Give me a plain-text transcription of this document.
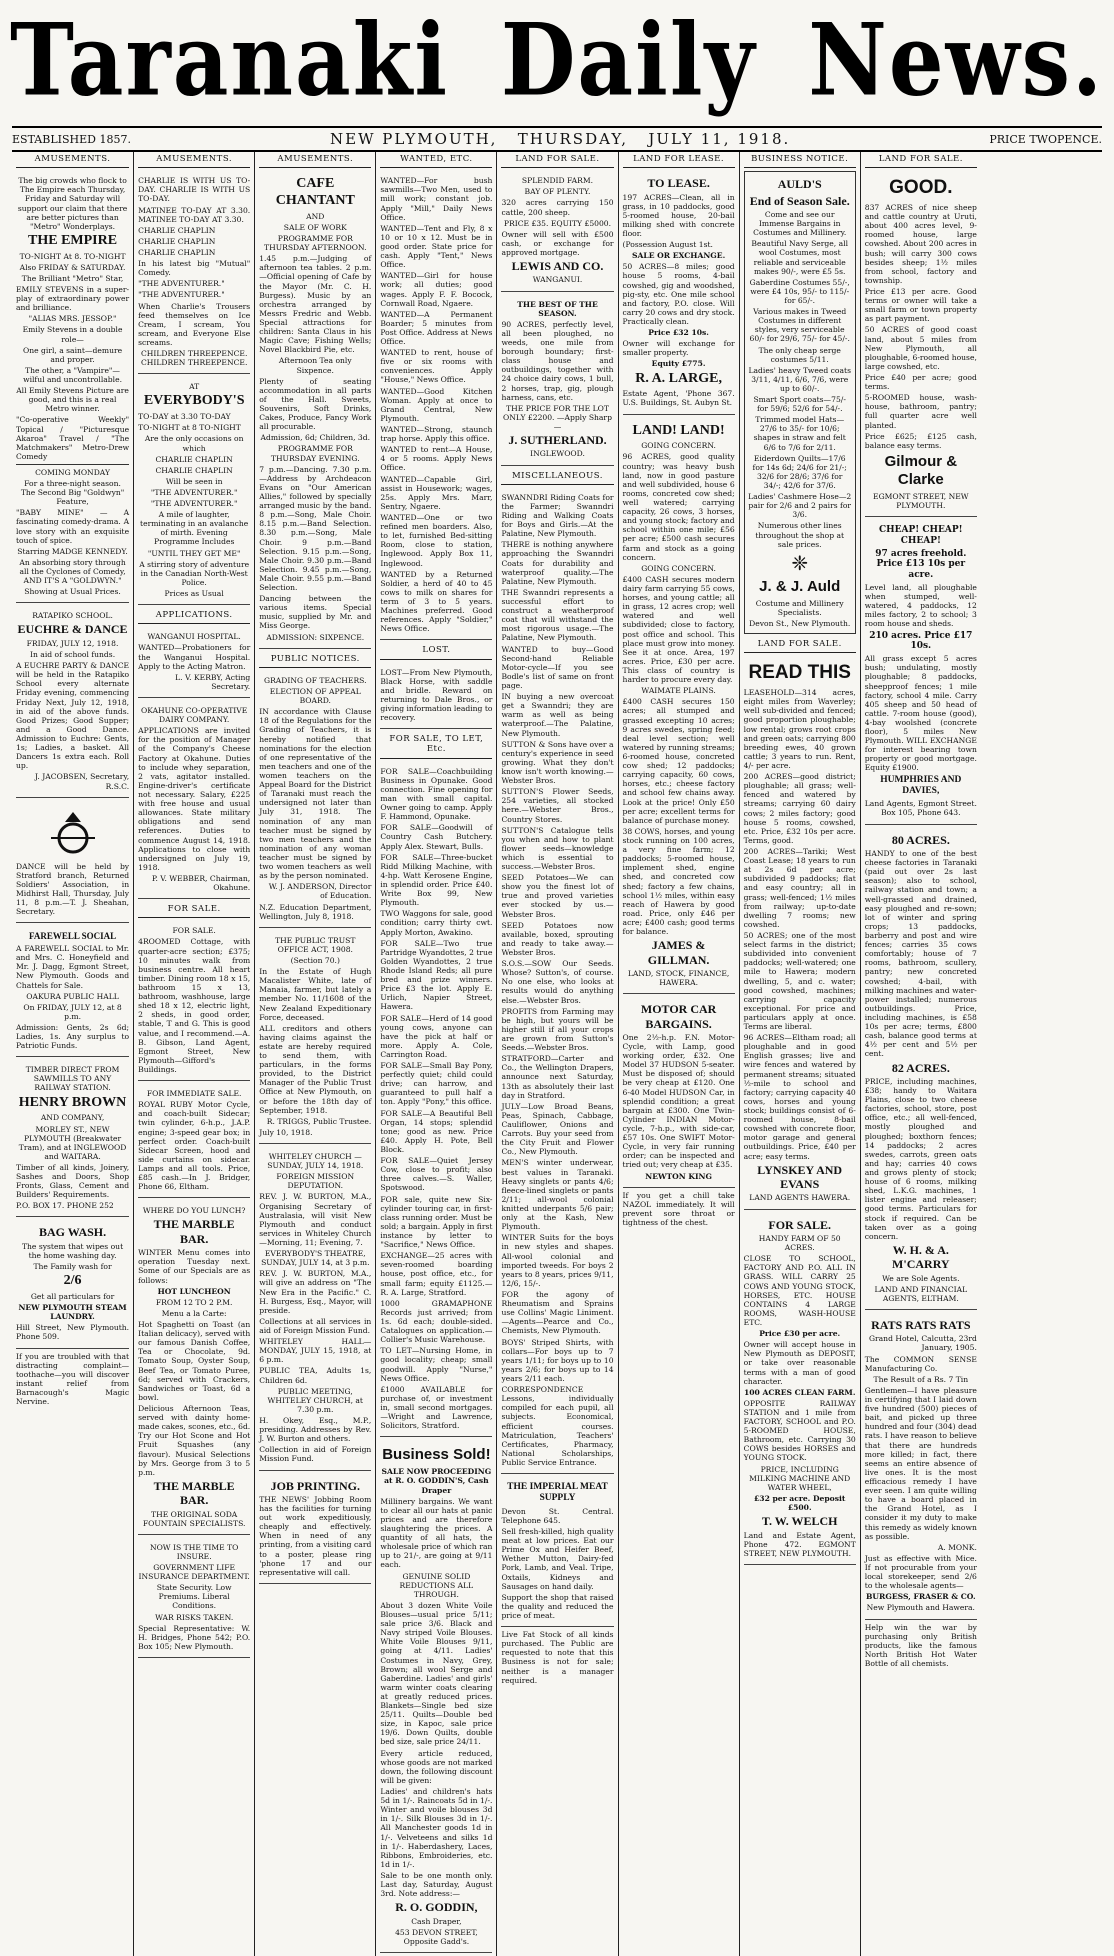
Taranaki Daily News.
ESTABLISHED 1857.	NEW PLYMOUTH, THURSDAY, JULY 11, 1918.	PRICE TWOPENCE.
AMUSEMENTS.

The big crowds who flock to The Empire each Thursday, Friday and Saturday will support our claim that there are better pictures than "Metro" Wonderplays.

THE EMPIRE

TO-NIGHT At 8. TO-NIGHT

Also FRIDAY & SATURDAY.

The Brilliant "Metro" Star,

EMILY STEVENS in a super-play of extraordinary power and brilliance.

"ALIAS MRS. JESSOP."

Emily Stevens in a double role—

One girl, a saint—demure and proper.

The other, a "Vampire"—wilful and uncontrollable.

All Emily Stevens Picture are good, and this is a real Metro winner.

"Co-operative Weekly" Topical / "Picturesque Akaroa" Travel / "The Matchmakers" Metro-Drew Comedy

COMING MONDAY

For a three-night season. The Second Big "Goldwyn" Feature,

"BABY MINE" — A fascinating comedy-drama. A love story with an exquisite touch of spice.

Starring MADGE KENNEDY.

An absorbing story through all the Cyclones of Comedy, AND IT'S A "GOLDWYN."

Showing at Usual Prices.

RATAPIKO SCHOOL.

EUCHRE & DANCE

FRIDAY, JULY 12, 1918.

In aid of school funds.

A EUCHRE PARTY & DANCE will be held in the Ratapiko School every alternate Friday evening, commencing Friday Next, July 12, 1918, in aid of the above funds. Good Prizes; Good Supper; and a Good Dance. Admission to Euchre: Gents, 1s; Ladies, a basket. All Dancers 1s extra each. Roll up.

J. JACOBSEN, Secretary, R.S.C.

DANCE will be held by Stratford branch, Returned Soldiers' Association, in Midhirst Hall, Thursday, July 11, 8 p.m.—T. J. Sheahan, Secretary.

FAREWELL SOCIAL

A FAREWELL SOCIAL to Mr. and Mrs. C. Honeyfield and Mr. J. Dagg, Egmont Street, New Plymouth. Goods and Chattels for Sale.

OAKURA PUBLIC HALL

On FRIDAY, JULY 12, at 8 p.m.

Admission: Gents, 2s 6d; Ladies, 1s. Any surplus to Patriotic Funds.

TIMBER DIRECT FROM SAWMILLS TO ANY RAILWAY STATION.

HENRY BROWN

AND COMPANY,

MORLEY ST., NEW PLYMOUTH (Breakwater Tram), and at INGLEWOOD and WAITARA.

Timber of all kinds, Joinery, Sashes and Doors, Shop Fronts, Glass, Cement and Builders' Requirements.

P.O. BOX 17. PHONE 252

BAG WASH.

The system that wipes out the home washing day.

The Family wash for

2/6

Get all particulars for

NEW PLYMOUTH STEAM LAUNDRY.

Hill Street, New Plymouth. Phone 509.

If you are troubled with that distracting complaint—toothache—you will discover instant relief from Barnacough's Magic Nervine.

AMUSEMENTS.

CHARLIE IS WITH US TO-DAY. CHARLIE IS WITH US TO-DAY.

MATINEE TO-DAY AT 3.30. MATINEE TO-DAY AT 3.30.

CHARLIE CHAPLIN

CHARLIE CHAPLIN

CHARLIE CHAPLIN

In his latest big "Mutual" Comedy.

"THE ADVENTURER."

"THE ADVENTURER."

When Charlie's Trousers feed themselves on Ice Cream, I scream, You scream, and Everyone Else screams.

CHILDREN THREEPENCE. CHILDREN THREEPENCE.

AT

EVERYBODY'S

TO-DAY at 3.30 TO-DAY

TO-NIGHT at 8 TO-NIGHT

Are the only occasions on which

CHARLIE CHAPLIN

CHARLIE CHAPLIN

Will be seen in

"THE ADVENTURER."

"THE ADVENTURER."

A mile of laughter, terminating in an avalanche of mirth. Evening Programme Includes

"UNTIL THEY GET ME"

A stirring story of adventure in the Canadian North-West Police.

Prices as Usual

APPLICATIONS.

WANGANUI HOSPITAL.

WANTED—Probationers for the Wanganui Hospital. Apply to the Acting Matron.

L. V. KERBY, Acting Secretary.

OKAHUNE CO-OPERATIVE DAIRY COMPANY.

APPLICATIONS are invited for the position of Manager of the Company's Cheese Factory at Okahune. Duties to include whey separation, 2 vats, agitator installed. Engine-driver's certificate not necessary. Salary, £225 with free house and usual allowances. State military obligations and send references. Duties to commence August 14, 1918. Applications to close with undersigned on July 19, 1918.

P. V. WEBBER, Chairman, Okahune.

FOR SALE.

FOR SALE.

4ROOMED Cottage, with quarter-acre section; £375; 10 minutes walk from business centre. All heart timber. Dining room 18 x 15, bathroom 15 x 13, bathroom, washhouse, large shed 18 x 12, electric light, 2 sheds, in good order, stable, T and G. This is good value, and I recommend.—A. B. Gibson, Land Agent, Egmont Street, New Plymouth—Gifford's Buildings.

FOR IMMEDIATE SALE.

ROYAL RUBY Motor Cycle, and coach-built Sidecar; twin cylinder, 6-h.p., J.A.P. engine; 3-speed gear box; in perfect order. Coach-built Sidecar Screen, hood and side curtains on sidecar. Lamps and all tools. Price, £85 cash.—In J. Bridger, Phone 66, Eltham.

WHERE DO YOU LUNCH?

THE MARBLE BAR.

WINTER Menu comes into operation Tuesday next. Some of our Specials are as follows:

HOT LUNCHEON

FROM 12 TO 2 P.M.

Menu a la Carte:

Hot Spaghetti on Toast (an Italian delicacy), served with our famous Danish Coffee, Tea or Chocolate, 9d. Tomato Soup, Oyster Soup, Beef Tea, or Tomato Puree, 6d; served with Crackers, Sandwiches or Toast, 6d a bowl.

Delicious Afternoon Teas, served with dainty home-made cakes, scones, etc., 6d. Try our Hot Scone and Hot Fruit Squashes (any flavour). Musical Selections by Mrs. George from 3 to 5 p.m.

THE MARBLE BAR.

THE ORIGINAL SODA FOUNTAIN SPECIALISTS.

NOW IS THE TIME TO INSURE.

GOVERNMENT LIFE INSURANCE DEPARTMENT.

State Security. Low Premiums. Liberal Conditions.

WAR RISKS TAKEN.

Special Representative: W. H. Bridges, Phone 542; P.O. Box 105; New Plymouth.

AMUSEMENTS.
CAFE CHANTANT

AND

SALE OF WORK

PROGRAMME FOR THURSDAY AFTERNOON.

1.45 p.m.—Judging of afternoon tea tables. 2 p.m.—Official opening of Cafe by the Mayor (Mr. C. H. Burgess). Music by an orchestra arranged by Messrs Fredric and Webb. Special attractions for children: Santa Claus in his Magic Cave; Fishing Wells; Novel Blackbird Pie, etc.

Afternoon Tea only Sixpence.

Plenty of seating accommodation in all parts of the Hall. Sweets, Souvenirs, Soft Drinks, Cakes, Produce, Fancy Work all procurable.

Admission, 6d; Children, 3d.

PROGRAMME FOR THURSDAY EVENING.

7 p.m.—Dancing. 7.30 p.m.—Address by Archdeacon Evans on "Our American Allies," followed by specially arranged music by the band. 8 p.m.—Song, Male Choir. 8.15 p.m.—Band Selection. 8.30 p.m.—Song, Male Choir. 9 p.m.—Band Selection. 9.15 p.m.—Song, Male Choir. 9.30 p.m.—Band Selection. 9.45 p.m.—Song, Male Choir. 9.55 p.m.—Band Selection.

Dancing between the various items. Special music, supplied by Mr. and Miss George.

ADMISSION: SIXPENCE.

PUBLIC NOTICES.

GRADING OF TEACHERS.

ELECTION OF APPEAL BOARD.

IN accordance with Clause 18 of the Regulations for the Grading of Teachers, it is hereby notified that nominations for the election of one representative of the men teachers and one of the women teachers on the Appeal Board for the District of Taranaki must reach the undersigned not later than July 31, 1918. The nomination of any man teacher must be signed by two men teachers and the nomination of any woman teacher must be signed by two women teachers as well as by the person nominated.

W. J. ANDERSON, Director of Education.

N.Z. Education Department, Wellington, July 8, 1918.

THE PUBLIC TRUST OFFICE ACT, 1908.

(Section 70.)

In the Estate of Hugh Macalister White, late of Manaia, farmer, but lately a member No. 11/1608 of the New Zealand Expeditionary Force, deceased.

ALL creditors and others having claims against the estate are hereby required to send them, with particulars, in the forms provided, to the District Manager of the Public Trust Office at New Plymouth, on or before the 18th day of September, 1918.

R. TRIGGS, Public Trustee.

July 10, 1918.

WHITELEY CHURCH — SUNDAY, JULY 14, 1918.

FOREIGN MISSION DEPUTATION.

REV. J. W. BURTON, M.A., Organising Secretary of Australasia, will visit New Plymouth and conduct services in Whiteley Church—Morning, 11; Evening, 7.

EVERYBODY'S THEATRE, SUNDAY, JULY 14, at 3 p.m.

REV. J. W. BURTON, M.A., will give an address on "The New Era in the Pacific." C. H. Burgess, Esq., Mayor, will preside.

Collections at all services in aid of Foreign Mission Fund.

WHITELEY HALL—MONDAY, JULY 15, 1918, at 6 p.m.

PUBLIC TEA, Adults 1s, Children 6d.

PUBLIC MEETING, WHITELEY CHURCH, at 7.30 p.m.

H. Okey, Esq., M.P., presiding. Addresses by Rev. J. W. Burton and others.

Collection in aid of Foreign Mission Fund.

JOB PRINTING.

THE NEWS' Jobbing Room has the facilities for turning out work expeditiously, cheaply and effectively. When in need of any printing, from a visiting card to a poster, please ring 'phone 17 and our representative will call.

WANTED, ETC.

WANTED—For bush sawmills—Two Men, used to mill work; constant job. Apply "Mill," Daily News Office.

WANTED—Tent and Fly, 8 x 10 or 10 x 12. Must be in good order. State price for cash. Apply "Tent," News Office.

WANTED—Girl for house work; all duties; good wages. Apply F. F. Bocock, Cornwall Road, Ngaere.

WANTED—A Permanent Boarder; 5 minutes from Post Office. Address at News Office.

WANTED to rent, house of five or six rooms with conveniences. Apply "House," News Office.

WANTED—Good Kitchen Woman. Apply at once to Grand Central, New Plymouth.

WANTED—Strong, staunch trap horse. Apply this office.

WANTED to rent—A House, 4 or 5 rooms. Apply News Office.

WANTED—Capable Girl, assist in Housework; wages, 25s. Apply Mrs. Marr, Sentry, Ngaere.

WANTED—One or two refined men boarders. Also, to let, furnished Bed-sitting Room, close to station, Inglewood. Apply Box 11, Inglewood.

WANTED by a Returned Soldier, a herd of 40 to 45 cows to milk on shares for term of 3 to 5 years. Machines preferred. Good references. Apply "Soldier," News Office.

LOST.

LOST—From New Plymouth, Black Horse, with saddle and bridle. Reward on returning to Dale Bros., or giving information leading to recovery.

FOR SALE, TO LET, Etc.

FOR SALE—Coachbuilding Business in Opunake. Good connection. Fine opening for man with small capital. Owner going to camp. Apply F. Hammond, Opunake.

FOR SALE—Goodwill of Country Cash Butchery. Apply Alex. Stewart, Bulls.

FOR SALE—Three-bucket Ridd Milking Machine, with 4-hp. Watt Kerosene Engine, in splendid order. Price £40. Write Box 99, New Plymouth.

TWO Waggons for sale, good condition; carry thirty cwt. Apply Morton, Awakino.

FOR SALE—Two true Partridge Wyandottes, 2 true Golden Wyandottes, 2 true Rhode Island Reds; all pure bred and prize winners. Price £3 the lot. Apply E. Urlich, Napier Street, Hawera.

FOR SALE—Herd of 14 good young cows, anyone can have the pick at half or more. Apply A. Cole, Carrington Road.

FOR SALE—Small Bay Pony, perfectly quiet; child could drive; can harrow, and guaranteed to pull half a ton. Apply "Pony," this office.

FOR SALE—A Beautiful Bell Organ, 14 stops; splendid tone; good as new. Price £40. Apply H. Pote, Bell Block.

FOR SALE—Quiet Jersey Cow, close to profit; also three calves.—S. Waller, Spotswood.

FOR sale, quite new Six-cylinder touring car, in first-class running order. Must be sold; a bargain. Apply in first instance by letter to "Sacrifice," News Office.

EXCHANGE—25 acres with seven-roomed boarding house, post office, etc., for small farm; equity £1125.—R. A. Large, Stratford.

1000 GRAMAPHONE Records just arrived; from 1s. 6d each; double-sided. Catalogues on application.—Collier's Music Warehouse.

TO LET—Nursing Home, in good locality; cheap; small goodwill. Apply "Nurse," News Office.

£1000 AVAILABLE for purchase of, or investment in, small second mortgages.—Wright and Lawrence, Solicitors, Stratford.

Business Sold!

SALE NOW PROCEEDING at R. O. GODDIN'S, Cash Draper

Millinery bargains. We want to clear all our hats at panic prices and are therefore slaughtering the prices. A quantity of all hats, the wholesale price of which ran up to 21/-, are going at 9/11 each.

GENUINE SOLID REDUCTIONS ALL THROUGH.

About 3 dozen White Voile Blouses—usual price 5/11; sale price 3/6. Black and Navy striped Voile Blouses. White Voile Blouses 9/11, going at 4/11. Ladies' Costumes in Navy, Grey, Brown; all wool Serge and Gaberdine. Ladies' and girls' warm winter coats clearing at greatly reduced prices. Blankets—Single bed size 25/11. Quilts—Double bed size, in Kapoc, sale price 19/6. Down Quilts, double bed size, sale price 24/11.

Every article reduced, whose goods are not marked down, the following discount will be given:

Ladies' and children's hats 5d in 1/-. Raincoats 5d in 1/-. Winter and voile blouses 3d in 1/-. Silk Blouses 3d in 1/-. All Manchester goods 1d in 1/-. Velveteens and silks 1d in 1/-. Haberdashery, Laces, Ribbons, Embroideries, etc. 1d in 1/-.

Sale to be one month only. Last day, Saturday, August 3rd. Note address:—

R. O. GODDIN,

Cash Draper,

453 DEVON STREET, Opposite Gadd's.

LAND FOR SALE.

SPLENDID FARM.

BAY OF PLENTY.

320 acres carrying 150 cattle, 200 sheep.

PRICE £35. EQUITY £5000.

Owner will sell with £500 cash, or exchange for approved mortgage.

LEWIS AND CO.

WANGANUI.

THE BEST OF THE SEASON.

90 ACRES, perfectly level, all been ploughed, no weeds, one mile from borough boundary; first-class house and outbuildings, together with 24 choice dairy cows, 1 bull, 2 horses, trap, gig, plough harness, cans, etc.

THE PRICE FOR THE LOT ONLY £2200. —Apply Sharp—

J. SUTHERLAND.

INGLEWOOD.

MISCELLANEOUS.

SWANNDRI Riding Coats for the Farmer; Swanndri Riding and Walking Coats for Boys and Girls.—At the Palatine, New Plymouth.

THERE is nothing anywhere approaching the Swanndri Coats for durability and waterproof quality.—The Palatine, New Plymouth.

THE Swanndri represents a successful effort to construct a weatherproof coat that will withstand the most rigorous usage.—The Palatine, New Plymouth.

WANTED to buy—Good Second-hand Reliable Motor-cycle—If you see Bodle's list of same on front page.

IN buying a new overcoat get a Swanndri; they are warm as well as being waterproof.—The Palatine, New Plymouth.

SUTTON & Sons have over a century's experience in seed growing. What they don't know isn't worth knowing.—Webster Bros.

SUTTON'S Flower Seeds, 254 varieties, all stocked here.—Webster Bros., Country Stores.

SUTTON'S Catalogue tells you when and how to plant flower seeds—knowledge which is essential to success.—Webster Bros.

SEED Potatoes—We can show you the finest lot of true and proved varieties ever stocked by us.—Webster Bros.

SEED Potatoes now available, boxed, sprouting and ready to take away.—Webster Bros.

S.O.S.—SOW Our Seeds. Whose? Sutton's, of course. No one else, who looks at results would do anything else.—Webster Bros.

PROFITS from Farming may be high, but yours will be higher still if all your crops are grown from Sutton's Seeds.—Webster Bros.

STRATFORD—Carter and Co., the Wellington Drapers, announce next Saturday, 13th as absolutely their last day in Stratford.

JULY—Low Broad Beans, Peas, Spinach, Cabbage, Cauliflower, Onions and Carrots. Buy your seed from the City Fruit and Flower Co., New Plymouth.

MEN'S winter underwear, best values in Taranaki. Heavy singlets or pants 4/6; fleece-lined singlets or pants 2/11; all-wool colonial knitted underpants 5/6 pair; only at the Kash, New Plymouth.

WINTER Suits for the boys in new styles and shapes. All-wool colonial and imported tweeds. For boys 2 years to 8 years, prices 9/11, 12/6, 15/-.

FOR the agony of Rheumatism and Sprains use Collins' Magic Liniment.—Agents—Pearce and Co., Chemists, New Plymouth.

BOYS' Striped Shirts, with collars—For boys up to 7 years 1/11; for boys up to 10 years 2/6; for boys up to 14 years 2/11 each.

CORRESPONDENCE Lessons, individually compiled for each pupil, all subjects. Economical, efficient courses. Matriculation, Teachers' Certificates, Pharmacy, National Scholarships, Public Service Entrance.

THE IMPERIAL MEAT SUPPLY

Devon St. Central. Telephone 645.

Sell fresh-killed, high quality meat at low prices. Eat our Prime Ox and Heifer Beef, Wether Mutton, Dairy-fed Pork, Lamb, and Veal. Tripe, Oxtails, Kidneys and Sausages on hand daily.

Support the shop that raised the quality and reduced the price of meat.

Live Fat Stock of all kinds purchased. The Public are requested to note that this Business is not for sale; neither is a manager required.

LAND FOR LEASE.
TO LEASE.

197 ACRES—Clean, all in grass, in 10 paddocks, good 5-roomed house, 20-bail milking shed with concrete floor.

(Possession August 1st.

SALE OR EXCHANGE.

50 ACRES—8 miles; good house 5 rooms, 4-bail cowshed, gig and woodshed, pig-sty, etc. One mile school and factory, P.O. close. Will carry 20 cows and dry stock. Practically clean.

Price £32 10s.

Owner will exchange for smaller property.

Equity £775.

R. A. LARGE,

Estate Agent, 'Phone 367. U.S. Buildings, St. Aubyn St.

LAND! LAND!

GOING CONCERN.

96 ACRES, good quality country; was heavy bush land, now in good pasture and well subdivided, house 6 rooms, concreted cow shed; well watered; carrying capacity, 26 cows, 3 horses, and young stock; factory and school within one mile; £56 per acre; £500 cash secures farm and stock as a going concern.

GOING CONCERN.

£400 CASH secures modern dairy farm carrying 55 cows, horses, and young cattle; all in grass, 12 acres crop; well watered and well subdivided; close to factory, post office and school. This place must grow into money. See it at once. Area, 197 acres. Price, £30 per acre. This class of country is harder to procure every day.

WAIMATE PLAINS.

£400 CASH secures 150 acres; all stumped and grassed excepting 10 acres; 9 acres swedes, spring feed; deal level section; well watered by running streams; 6-roomed house, concreted cow shed; 12 paddocks; carrying capacity, 60 cows, horses, etc.; cheese factory and school few chains away. Look at the price! Only £50 per acre; excellent terms for balance of purchase money.

38 COWS, horses, and young stock running on 100 acres, a very fine farm; 12 paddocks; 5-roomed house, implement shed, engine shed, and concreted cow shed; factory a few chains, school 1½ miles, within easy reach of Hawera by good road. Price, only £46 per acre; £400 cash; good terms for balance.

JAMES & GILLMAN.

LAND, STOCK, FINANCE, HAWERA.

MOTOR CAR BARGAINS.

One 2½-h.p. F.N. Motor-Cycle, with Lamp, good working order, £32. One Model 37 HUDSON 5-seater. Must be disposed of; should be very cheap at £120. One 6-40 Model HUDSON Car, in splendid condition; a great bargain at £300. One Twin-Cylinder INDIAN Motor-cycle, 7-h.p., with side-car, £57 10s. One SWIFT Motor-Cycle, in very fair running order; can be inspected and tried out; very cheap at £35.

NEWTON KING

If you get a chill take NAZOL immediately. It will prevent sore throat or tightness of the chest.

BUSINESS NOTICE.
AULD'S
End of Season Sale.

Come and see our Immense Bargains in Costumes and Millinery.

Beautiful Navy Serge, all wool Costumes, most reliable and serviceable makes 90/-, were £5 5s.

Gaberdine Costumes 55/-, were £4 10s, 95/- to 115/- for 65/-.

Various makes in Tweed Costumes in different styles, very serviceable 60/- for 29/6, 75/- for 45/-.

The only cheap serge costumes 5/11.

Ladies' heavy Tweed coats 3/11, 4/11, 6/6, 7/6, were up to 60/-.

Smart Sport coats—75/- for 59/6; 52/6 for 54/-.

Trimmed model Hats—27/6 to 35/- for 10/6; shapes in straw and felt 6/6 to 7/6 for 2/11.

Eiderdown Quilts—17/6 for 14s 6d; 24/6 for 21/-; 32/6 for 28/6; 37/6 for 34/-; 42/6 for 37/6.

Ladies' Cashmere Hose—2 pair for 2/6 and 2 pairs for 3/6.

Numerous other lines throughout the shop at sale prices.

❈
J. & J. Auld

Costume and Millinery Specialists.

Devon St., New Plymouth.

LAND FOR SALE.
READ THIS

LEASEHOLD—314 acres, eight miles from Waverley; well sub-divided and fenced; good proportion ploughable; low rental; grows root crops and green oats; carrying 800 breeding ewes, 40 grown cattle; 3 years to run. Rent, 4/- per acre.

200 ACRES—good district; ploughable; all grass; well-fenced and watered by streams; carrying 60 dairy cows; 2 miles factory; good house 5 rooms, cowshed, etc. Price, £32 10s per acre. Terms, good.

200 ACRES—Tariki; West Coast Lease; 18 years to run at 2s 6d per acre; subdivided 9 paddocks; flat and easy country; all in grass; well-fenced; 1½ miles from railway; up-to-date dwelling 7 rooms; new cowshed.

50 ACRES; one of the most select farms in the district; subdivided into convenient paddocks; well-watered; one mile to Hawera; modern dwelling, 5, and c. water; good cowshed, machines; carrying capacity exceptional. For price and particulars apply at once. Terms are liberal.

96 ACRES—Eltham road; all ploughable and in good English grasses; live and wire fences and watered by permanent streams; situated ½-mile to school and factory; carrying capacity 40 cows, horses and young stock; buildings consist of 6-roomed house, 8-bail cowshed with concrete floor, motor garage and general outbuildings. Price, £40 per acre; easy terms.

LYNSKEY AND EVANS

LAND AGENTS HAWERA.

FOR SALE.

HANDY FARM OF 50 ACRES.

CLOSE TO SCHOOL, FACTORY AND P.O. ALL IN GRASS. WILL CARRY 25 COWS AND YOUNG STOCK, HORSES, ETC. HOUSE CONTAINS 4 LARGE ROOMS, WASH-HOUSE ETC.

Price £30 per acre.

Owner will accept house in New Plymouth as DEPOSIT, or take over reasonable terms with a man of good character.

100 ACRES CLEAN FARM.

OPPOSITE RAILWAY STATION and 1 mile from FACTORY, SCHOOL and P.O. 5-ROOMED HOUSE, Bathroom, etc. Carrying 30 COWS besides HORSES and YOUNG STOCK.

PRICE, INCLUDING MILKING MACHINE AND WATER WHEEL,

£32 per acre. Deposit £500.

T. W. WELCH

Land and Estate Agent, Phone 472. EGMONT STREET, NEW PLYMOUTH.

LAND FOR SALE.
GOOD.

837 ACRES of nice sheep and cattle country at Uruti, about 400 acres level, 9-roomed house, large cowshed. About 200 acres in bush; will carry 300 cows besides sheep; 1½ miles from school, factory and township.

Price £13 per acre. Good terms or owner will take a small farm or town property as part payment.

50 ACRES of good coast land, about 5 miles from New Plymouth, all ploughable, 6-roomed house, large cowshed, etc.

Price £40 per acre; good terms.

5-ROOMED house, wash-house, bathroom, pantry; full quarter acre well planted.

Price £625; £125 cash, balance easy terms.

Gilmour & Clarke

EGMONT STREET, NEW PLYMOUTH.

CHEAP! CHEAP! CHEAP!

97 acres freehold. Price £13 10s per acre.

Level land, all ploughable when stumped, well-watered, 4 paddocks, 12 miles factory, 2 to school; 3 room house and sheds.

210 acres. Price £17 10s.

All grass except 5 acres bush; undulating, mostly ploughable; 8 paddocks, sheepproof fences; 1 mile factory, school 4 mile. Carry 405 sheep and 50 head of cattle. 7-room house (good), 4-bay woolshed (concrete floor), 5 miles New Plymouth. WILL EXCHANGE for interest bearing town property or good mortgage. Equity £1900.

HUMPHRIES AND DAVIES,

Land Agents, Egmont Street. Box 105, Phone 643.

80 ACRES.

HANDY to one of the best cheese factories in Taranaki (paid out over 2s last season); also to school, railway station and town; a well-grassed and drained, easy ploughed and re-sown; lot of winter and spring crops; 13 paddocks, barberry and post and wire fences; carries 35 cows comfortably; house of 7 rooms, bathroom, scullery, pantry; new concreted cowshed; 4-bail, with milking machines and water-power installed; numerous outbuildings. Price, including machines, is £58 10s per acre; terms, £800 cash, balance good terms at 4½ per cent and 5½ per cent.

82 ACRES.

PRICE, including machines, £38; handy to Waitara Plains, close to two cheese factories, school, store, post office, etc.; all well-fenced, mostly ploughed and ploughed; boxthorn fences; 14 paddocks; 2 acres swedes, carrots, green oats and hay; carries 40 cows and grows plenty of stock; house of 6 rooms, milking shed, L.K.G. machines, 1 lister engine and releaser; good terms. Particulars for stock if required. Can be taken over as a going concern.

W. H. & A. M'CARRY

We are Sole Agents.

LAND AND FINANCIAL AGENTS, ELTHAM.

RATS RATS RATS

Grand Hotel, Calcutta, 23rd January, 1905.

The COMMON SENSE Manufacturing Co.

The Result of a Rs. 7 Tin

Gentlemen—I have pleasure in certifying that I laid down five hundred (500) pieces of bait, and picked up three hundred and four (304) dead rats. I have reason to believe that there are hundreds more killed; in fact, there seems an entire absence of live ones. It is the most efficacious remedy I have ever seen. I am quite willing to have a board placed in the Grand Hotel, as I consider it my duty to make this remedy as widely known as possible.

A. MONK.

Just as effective with Mice. If not procurable from your local storekeeper, send 2/6 to the wholesale agents—

BURGESS, FRASER & CO.

New Plymouth and Hawera.

Help win the war by purchasing only British products, like the famous North British Hot Water Bottle of all chemists.
